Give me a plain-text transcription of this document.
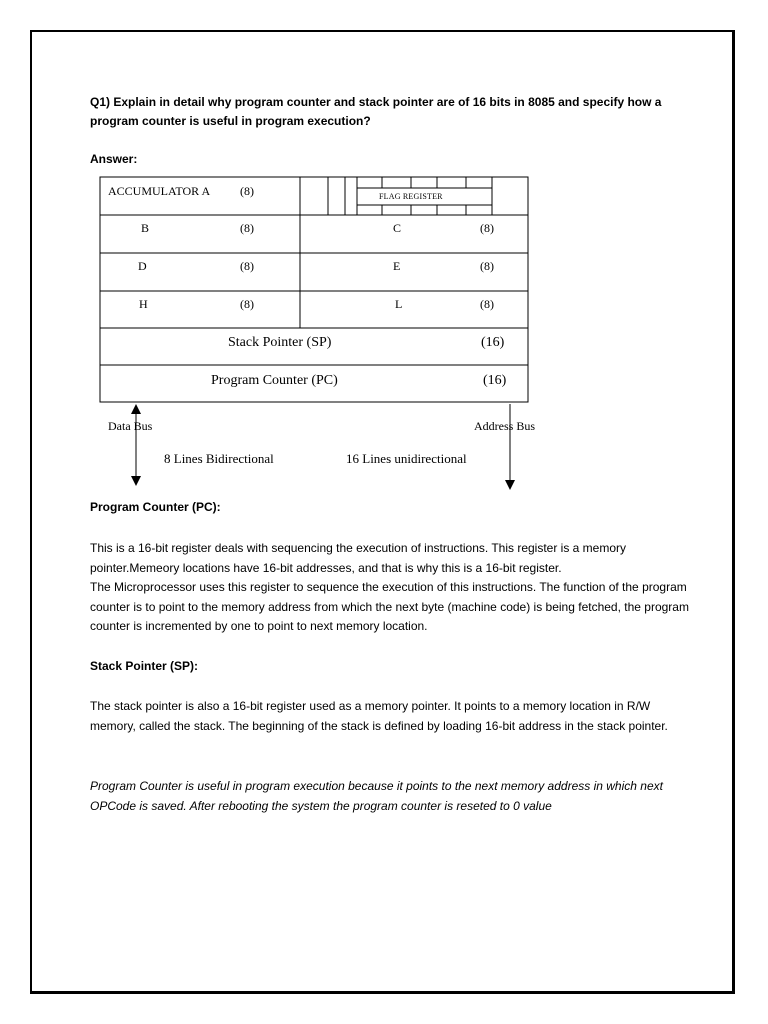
Q1) Explain in detail why program counter and stack pointer are of 16 bits in 8085 and specify how a program counter is useful in program execution?
Answer:
ACCUMULATOR A (8)	FLAG REGISTER
B	(8)	C	(8)
D	(8)	E	(8)
H	(8)	L	(8)
Stack Pointer (SP)	(16)
Program Counter (PC)	(16)
Data Bus	Address Bus
8 Lines Bidirectional	16 Lines unidirectional
Program Counter (PC):
This is a 16-bit register deals with sequencing the execution of instructions. This register is a memory pointer.Memeory locations have 16-bit addresses, and that is why this is a 16-bit register.
The Microprocessor uses this register to sequence the execution of this instructions. The function of the program counter is to point to the memory address from which the next byte (machine code) is being fetched, the program counter is incremented by one to point to next memory location.
Stack Pointer (SP):
The stack pointer is also a 16-bit register used as a memory pointer. It points to a memory location in R/W memory, called the stack. The beginning of the stack is defined by loading 16-bit address in the stack pointer.
Program Counter is useful in program execution because it points to the next memory address in which next OPCode is saved. After rebooting the system the program counter is reseted to 0 value
